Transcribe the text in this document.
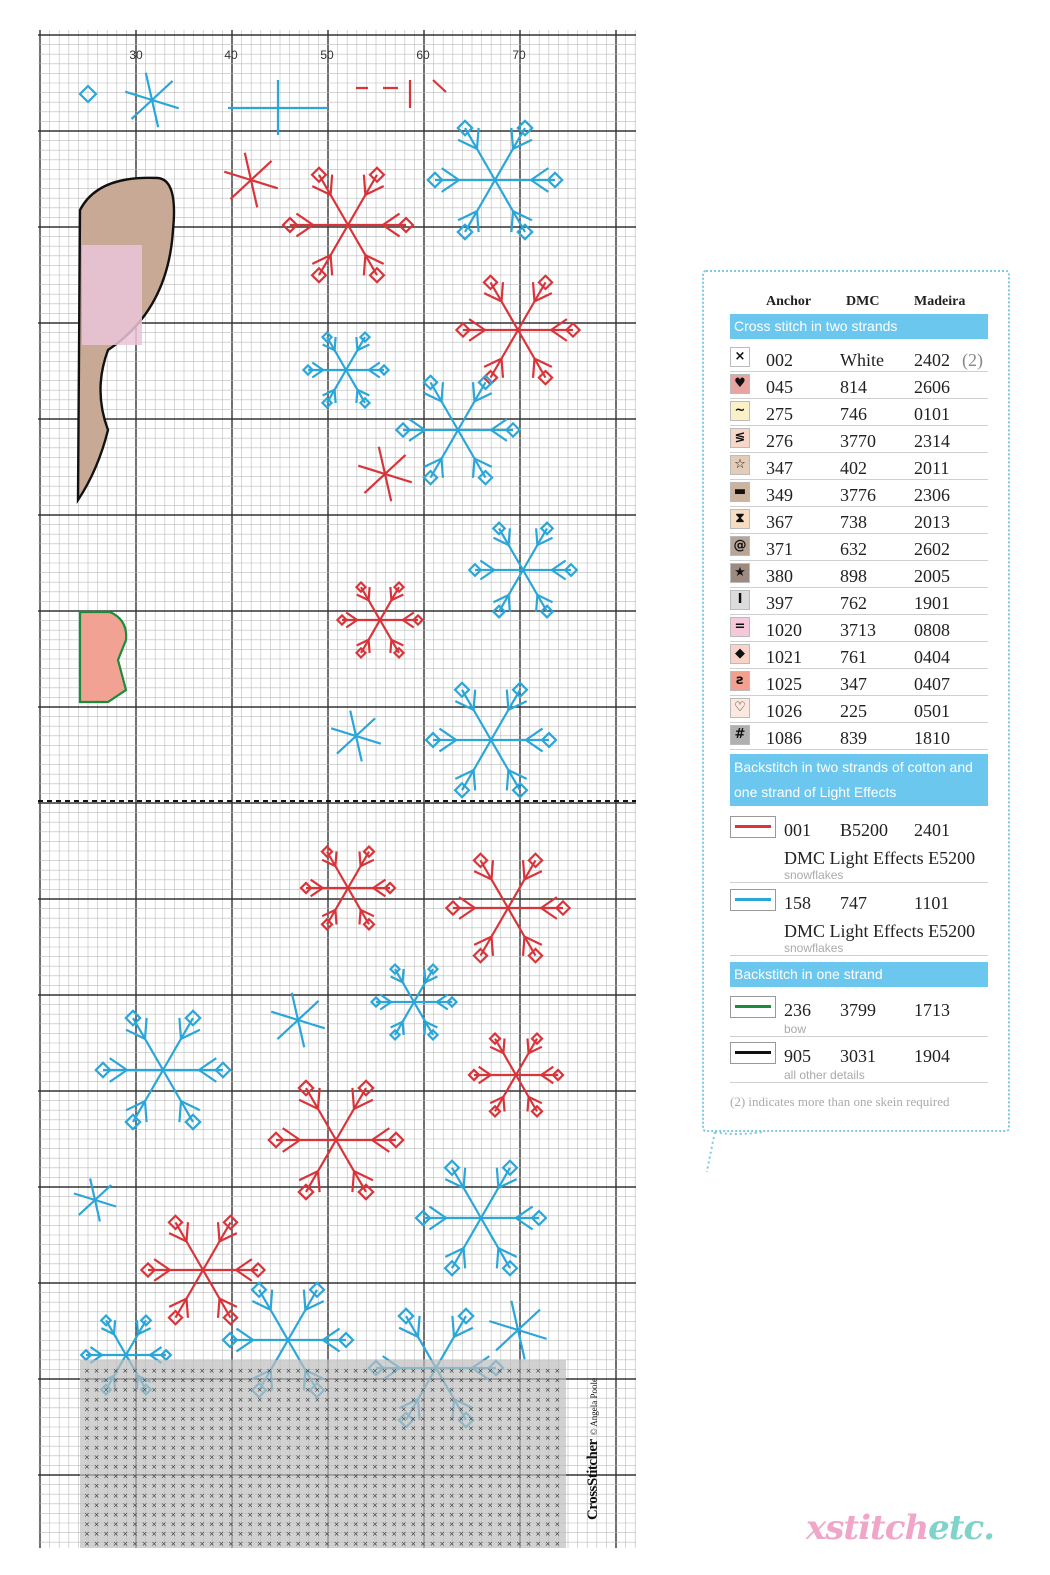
× × × × × × × × × × × × × × × × × × × × × × × × × × × × × × × × × × × × × × × × × × × × × × × × × ×
× × × × × × × × × × × × × × × × × × × × × × × × × × × × × × × × × × × × × × × × × × × × × × × × × ×
× × × × × × × × × × × × × × × × × × × × × × × × × × × × × × × × × × × × × × × × × × × × × × × × × ×
× × × × × × × × × × × × × × × × × × × × × × × × × × × × × × × × × × × × × × × × × × × × × × × × × ×
× × × × × × × × × × × × × × × × × × × × × × × × × × × × × × × × × × × × × × × × × × × × × × × × × ×
× × × × × × × × × × × × × × × × × × × × × × × × × × × × × × × × × × × × × × × × × × × × × × × × × ×
× × × × × × × × × × × × × × × × × × × × × × × × × × × × × × × × × × × × × × × × × × × × × × × × × ×
× × × × × × × × × × × × × × × × × × × × × × × × × × × × × × × × × × × × × × × × × × × × × × × × × ×
× × × × × × × × × × × × × × × × × × × × × × × × × × × × × × × × × × × × × × × × × × × × × × × × × ×
× × × × × × × × × × × × × × × × × × × × × × × × × × × × × × × × × × × × × × × × × × × × × × × × × ×
× × × × × × × × × × × × × × × × × × × × × × × × × × × × × × × × × × × × × × × × × × × × × × × × × ×
× × × × × × × × × × × × × × × × × × × × × × × × × × × × × × × × × × × × × × × × × × × × × × × × × ×
× × × × × × × × × × × × × × × × × × × × × × × × × × × × × × × × × × × × × × × × × × × × × × × × × ×
× × × × × × × × × × × × × × × × × × × × × × × × × × × × × × × × × × × × × × × × × × × × × × × × × ×
× × × × × × × × × × × × × × × × × × × × × × × × × × × × × × × × × × × × × × × × × × × × × × × × × ×
× × × × × × × × × × × × × × × × × × × × × × × × × × × × × × × × × × × × × × × × × × × × × × × × × ×
× × × × × × × × × × × × × × × × × × × × × × × × × × × × × × × × × × × × × × × × × × × × × × × × × ×
× × × × × × × × × × × × × × × × × × × × × × × × × × × × × × × × × × × × × × × × × × × × × × × × × ×
× × × × × × × × × × × × × × × × × × × × × × × × × × × × × × × × × × × × × × × × × × × × × × × × × ×
30	40	50	60	70
CrossStitcher© Angela Poole
Anchor DMC Madeira
Cross stitch in two strands
× 002	White 2402 (2)
♥ 045	814	2606
~ 275	746	0101
≶ 276	3770 2314
☆ 347	402	2011
▬ 349	3776 2306
⧗	367	738	2013
@ 371	632	2602
★ 380	898	2005
I	397	762	1901
= 1020 3713 0808
◆ 1021 761	0404
ƨ	1025 347	0407
♡ 1026 225	0501
# 1086 839	1810
Backstitch in two strands of cotton and one strand of Light Effects
001 B5200 2401
DMC Light Effects E5200
snowflakes
158 747	1101
DMC Light Effects E5200
snowflakes
Backstitch in one strand
236 3799 1713
bow
905 3031 1904
all other details
(2) indicates more than one skein required
xstitchetc.
